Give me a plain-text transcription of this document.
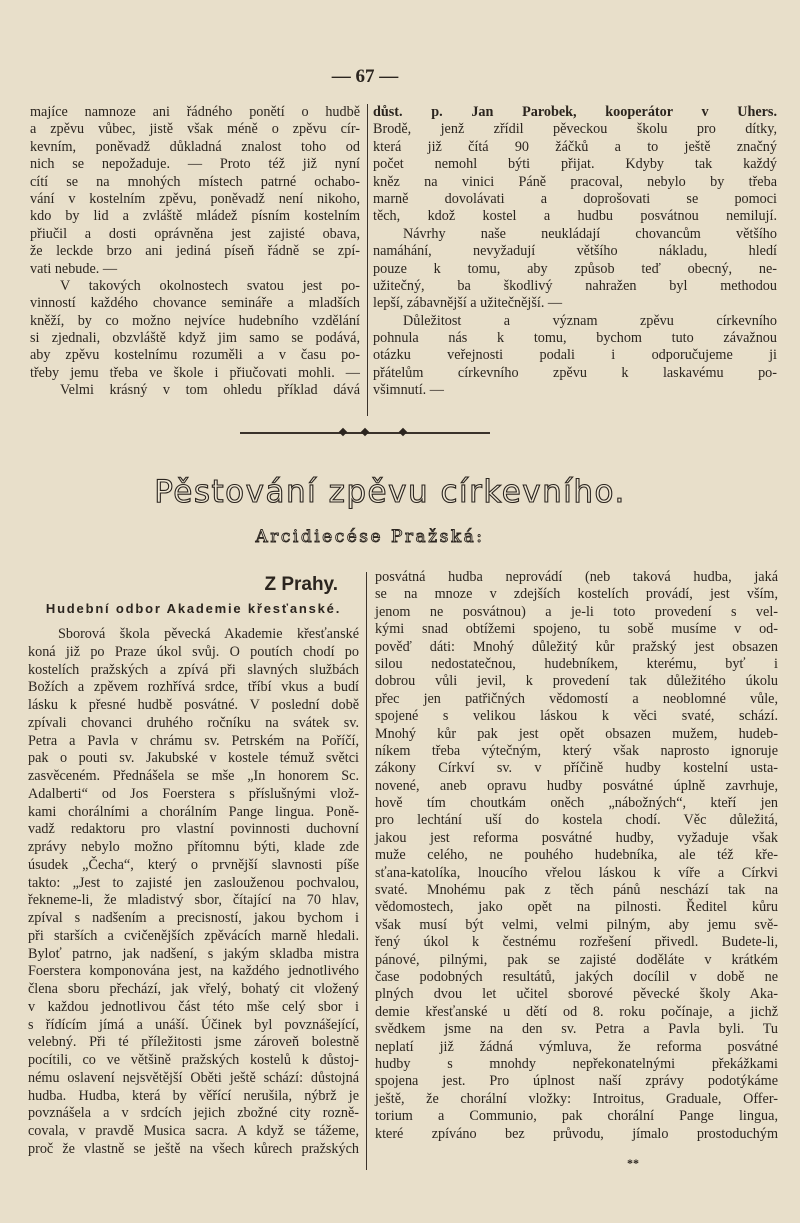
— 67 —
majíce namnoze ani řádného ponětí o hudbě
a zpěvu vůbec, jistě však méně o zpěvu cír-
kevním, poněvadž důkladná znalost toho od
nich se nepožaduje. — Proto též již nyní
cítí se na mnohých místech patrné ochabo-
vání v kostelním zpěvu, poněvadž není nikoho,
kdo by lid a zvláště mládež písním kostelním
přiučil a dosti oprávněna jest zajisté obava,
že leckde brzo ani jediná píseň řádně se zpí-
vati nebude. —
V takových okolnostech svatou jest po-
vinností každého chovance semináře a mladších
kněží, by co možno nejvíce hudebního vzdělání
si zjednali, obzvláště když jim samo se podává,
aby zpěvu kostelnímu rozuměli a v času po-
třeby jemu třeba ve škole i přiučovati mohli. —
Velmi krásný v tom ohledu příklad dává
důst. p. Jan Parobek, kooperátor v Uhers.
Brodě, jenž zřídil pěveckou školu pro dítky,
která již čítá 90 žáčků a to ještě značný
počet nemohl býti přijat. Kdyby tak každý
kněz na vinici Páně pracoval, nebylo by třeba
marně dovolávati a doprošovati se pomoci
těch, kdož kostel a hudbu posvátnou nemilují.
Návrhy naše neukládají chovancům většího
namáhání, nevyžadují většího nákladu, hledí
pouze k tomu, aby způsob teď obecný, ne-
užitečný, ba škodlivý nahražen byl methodou
lepší, zábavnější a užitečnější. —
Důležitost a význam zpěvu církevního
pohnula nás k tomu, bychom tuto závažnou
otázku veřejnosti podali i odporučujeme ji
přátelům církevního zpěvu k laskavému po-
všimnutí. —
Pěstování zpěvu církevního.
Arcidiecése Pražská:
Z Prahy.
Hudební odbor Akademie křesťanské.
Sborová škola pěvecká Akademie křesťanské
koná již po Praze úkol svůj. O poutích chodí po
kostelích pražských a zpívá při slavných službách
Božích a zpěvem rozhřívá srdce, tříbí vkus a budí
lásku k přesné hudbě posvátné. V poslední době
zpívali chovanci druhého ročníku na svátek sv.
Petra a Pavla v chrámu sv. Petrském na Poříčí,
pak o pouti sv. Jakubské v kostele témuž světci
zasvěceném. Přednášela se mše „In honorem Sc.
Adalberti“ od Jos Foerstera s příslušnými vlož-
kami chorálními a chorálním Pange lingua. Poně-
vadž redaktoru pro vlastní povinnosti duchovní
zprávy nebylo možno přítomnu býti, klade zde
úsudek „Čecha“, který o prvnější slavnosti píše
takto: „Jest to zajisté jen zaslouženou pochvalou,
řekneme-li, že mladistvý sbor, čítající na 70 hlav,
zpíval s nadšením a precisností, jakou bychom i
při starších a cvičenějších zpěvácích marně hledali.
Byloť patrno, jak nadšení, s jakým skladba mistra
Foerstera komponována jest, na každého jednotlivého
člena sboru přechází, jak vřelý, bohatý cit vložený
v každou jednotlivou část této mše celý sbor i
s řídícím jímá a unáší. Účinek byl povznášející,
velebný. Při té příležitosti jsme zároveň bolestně
pocítili, co ve většině pražských kostelů k důstoj-
nému oslavení nejsvětější Oběti ještě schází: důstojná
hudba. Hudba, která by věřící nerušila, nýbrž je
povznášela a v srdcích jejich zbožné city rozně-
covala, v pravdě Musica sacra. A když se tážeme,
proč že vlastně se ještě na všech kůrech pražských
posvátná hudba neprovádí (neb taková hudba, jaká
se na mnoze v zdejších kostelích provádí, jest vším,
jenom ne posvátnou) a je-li toto provedení s vel-
kými snad obtížemi spojeno, tu sobě musíme v od-
pověď dáti: Mnohý důležitý kůr pražský jest obsazen
silou nedostatečnou, hudebníkem, kterému, byť i
dobrou vůli jevil, k provedení tak důležitého úkolu
přec jen patřičných vědomostí a neoblomné vůle,
spojené s velikou láskou k věci svaté, schází.
Mnohý kůr pak jest opět obsazen mužem, hudeb-
níkem třeba výtečným, který však naprosto ignoruje
zákony Církví sv. v příčině hudby kostelní usta-
novené, aneb opravu hudby posvátné úplně zavrhuje,
hově tím choutkám oněch „nábožných“, kteří jen
pro lechtání uší do kostela chodí. Věc důležitá,
jakou jest reforma posvátné hudby, vyžaduje však
muže celého, ne pouhého hudebníka, ale též kře-
sťana-katolíka, lnoucího vřelou láskou k víře a Církvi
svaté. Mnohému pak z těch pánů neschází tak na
vědomostech, jako opět na pilnosti. Ředitel kůru
však musí být velmi, velmi pilným, aby jemu svě-
řený úkol k čestnému rozřešení přivedl. Budete-li,
pánové, pilnými, pak se zajisté doděláte v krátkém
čase podobných resultátů, jakých docílil v době ne
plných dvou let učitel sborové pěvecké školy Aka-
demie křesťanské u dětí od 8. roku počínaje, a jichž
svědkem jsme na den sv. Petra a Pavla byli. Tu
neplatí již žádná výmluva, že reforma posvátné
hudby s mnohdy nepřekonatelnými překážkami
spojena jest. Pro úplnost naší zprávy podotýkáme
ještě, že chorální vložky: Introitus, Graduale, Offer-
torium a Communio, pak chorální Pange lingua,
které zpíváno bez průvodu, jímalo prostoduchým
**
